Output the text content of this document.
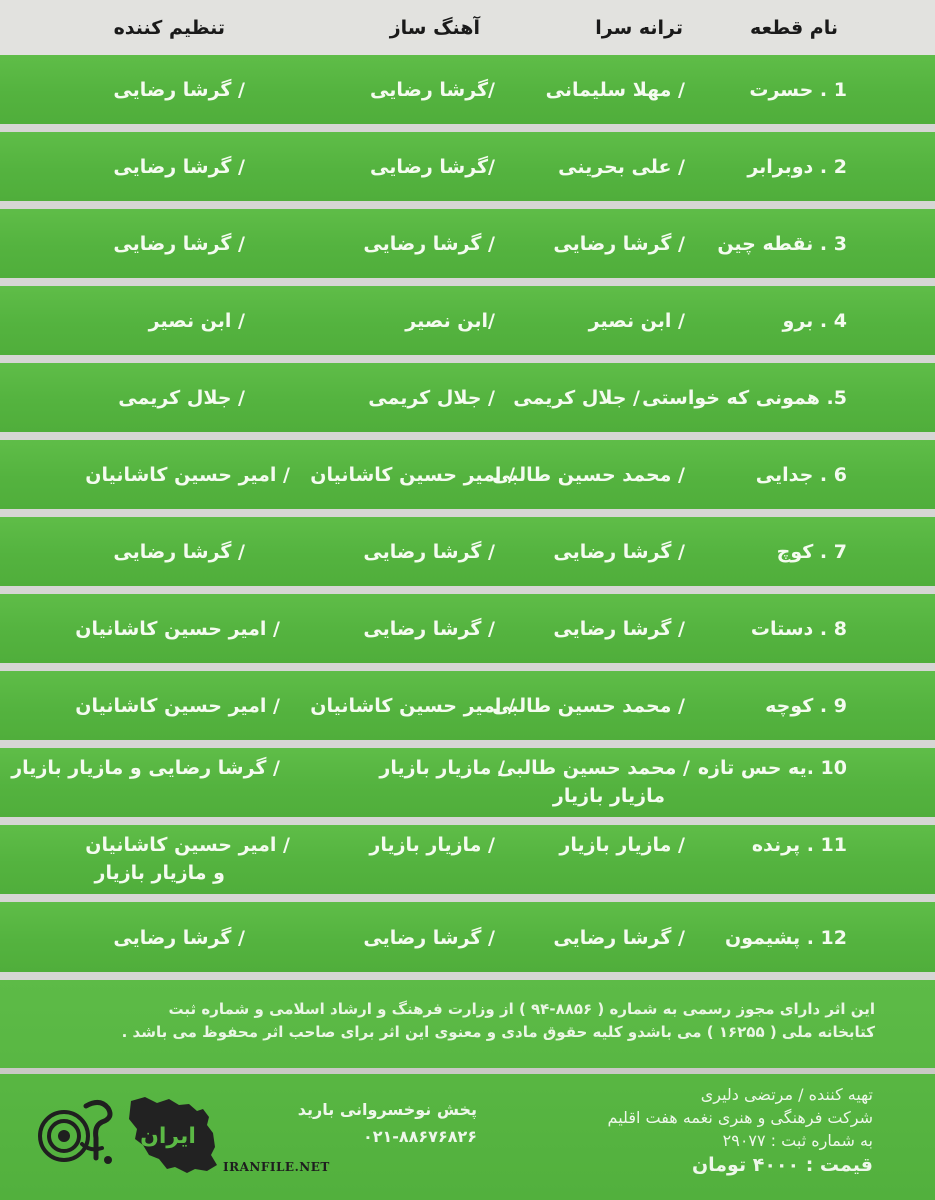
نام قطعه
ترانه سرا
آهنگ ساز
تنظیم کننده
1 . حسرت
/ مهلا سلیمانی
/گرشا رضایی
/ گرشا رضایی
2 . دوبرابر
/ علی بحرینی
/گرشا رضایی
/ گرشا رضایی
3 . نقطه چین
/ گرشا رضایی
/ گرشا رضایی
/ گرشا رضایی
4 . برو
/ ابن نصیر
/ابن نصیر
/ ابن نصیر
5. همونی که خواستی
/ جلال کریمی
/ جلال کریمی
/ جلال کریمی
6 . جدایی
/ محمد حسین طالبی
/ امیر حسین کاشانیان
/ امیر حسین کاشانیان
7 . کوچ
/ گرشا رضایی
/ گرشا رضایی
/ گرشا رضایی
8 . دستات
/ گرشا رضایی
/ گرشا رضایی
/ امیر حسین کاشانیان
9 . کوچه
/ محمد حسین طالبی
/ امیر حسین کاشانیان
/ امیر حسین کاشانیان
10 .یه حس تازه
/ محمد حسین طالبی
مازیار بازیار
/ مازیار بازیار
/ گرشا رضایی و مازیار بازیار
11 . پرنده
/ مازیار بازیار
/ مازیار بازیار
/ امیر حسین کاشانیان
و مازیار بازیار
12 . پشیمون
/ گرشا رضایی
/ گرشا رضایی
/ گرشا رضایی
این اثر دارای مجوز رسمی به شماره ( ۸۸۵۶-۹۴ ) از وزارت فرهنگ و ارشاد اسلامی و شماره ثبت
کتابخانه ملی ( ۱۶۲۵۵ ) می باشدو کلیه حقوق مادی و معنوی این اثر برای صاحب اثر محفوظ می باشد .
تهیه کننده / مرتضی دلیری
شرکت فرهنگی و هنری نغمه هفت اقلیم
به شماره ثبت : ۲۹۰۷۷
قیمت : ۴۰۰۰ تومان
پخش نوخسروانی بارید
۰۲۱-۸۸۶۷۶۸۲۶
ایران
IRANFILE.NET
